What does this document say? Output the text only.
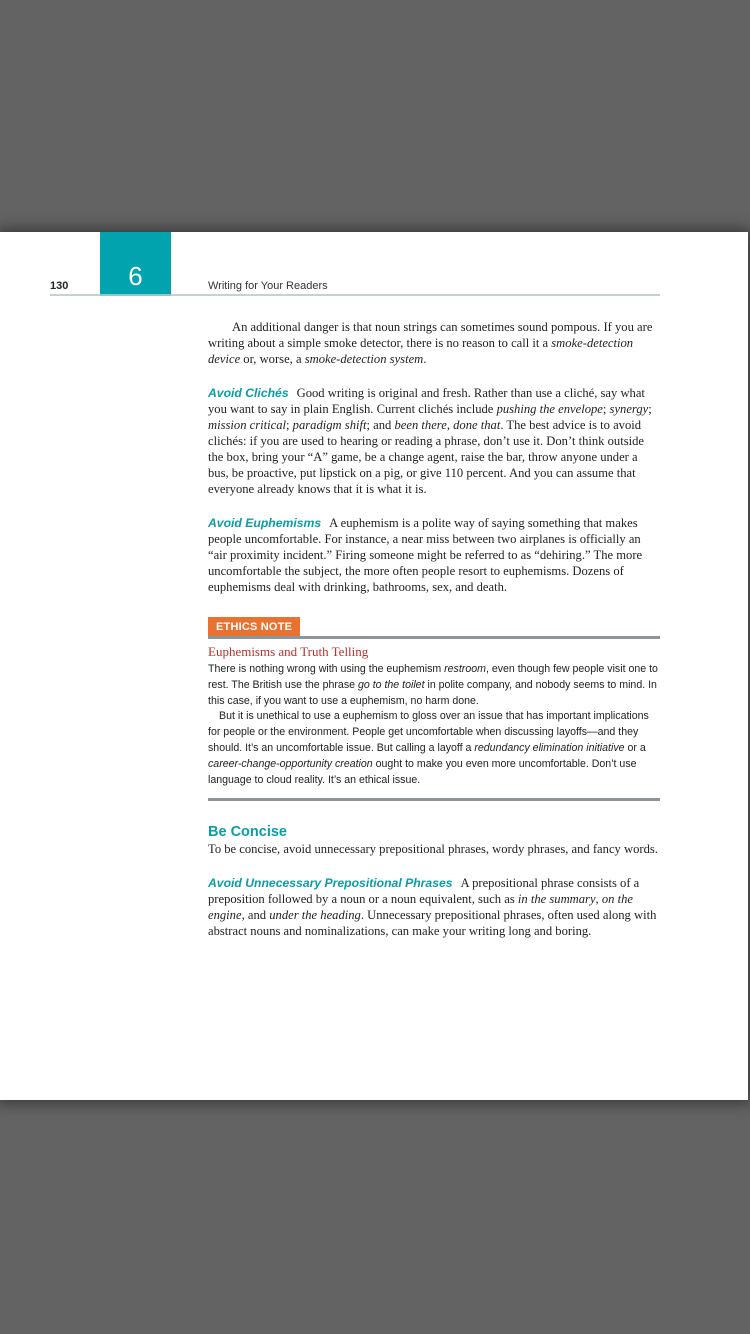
130	6	Writing for Your Readers

An additional danger is that noun strings can sometimes sound pompous. If you are writing about a simple smoke detector, there is no reason to call it a smoke-detection device or, worse, a smoke-detection system.

Avoid Clichés Good writing is original and fresh. Rather than use a cliché, say what you want to say in plain English. Current clichés include pushing the envelope; synergy; mission critical; paradigm shift; and been there, done that. The best advice is to avoid clichés: if you are used to hearing or reading a phrase, don’t use it. Don’t think outside the box, bring your “A” game, be a change agent, raise the bar, throw anyone under a bus, be proactive, put lipstick on a pig, or give 110 percent. And you can assume that everyone already knows that it is what it is.

Avoid Euphemisms A euphemism is a polite way of saying something that makes people uncomfortable. For instance, a near miss between two airplanes is officially an “air proximity incident.” Firing someone might be referred to as “dehiring.” The more uncomfortable the subject, the more often people resort to euphemisms. Dozens of euphemisms deal with drinking, bathrooms, sex, and death.

ETHICS NOTE
Euphemisms and Truth Telling

There is nothing wrong with using the euphemism restroom, even though few people visit one to rest. The British use the phrase go to the toilet in polite company, and nobody seems to mind. In this case, if you want to use a euphemism, no harm done.

But it is unethical to use a euphemism to gloss over an issue that has important implications for people or the environment. People get uncomfortable when discussing layoffs—and they should. It’s an uncomfortable issue. But calling a layoff a redundancy elimination initiative or a career-change-opportunity creation ought to make you even more uncomfortable. Don’t use language to cloud reality. It’s an ethical issue.

Be Concise

To be concise, avoid unnecessary prepositional phrases, wordy phrases, and fancy words.

Avoid Unnecessary Prepositional Phrases A prepositional phrase consists of a preposition followed by a noun or a noun equivalent, such as in the summary, on the engine, and under the heading. Unnecessary prepositional phrases, often used along with abstract nouns and nominalizations, can make your writing long and boring.
